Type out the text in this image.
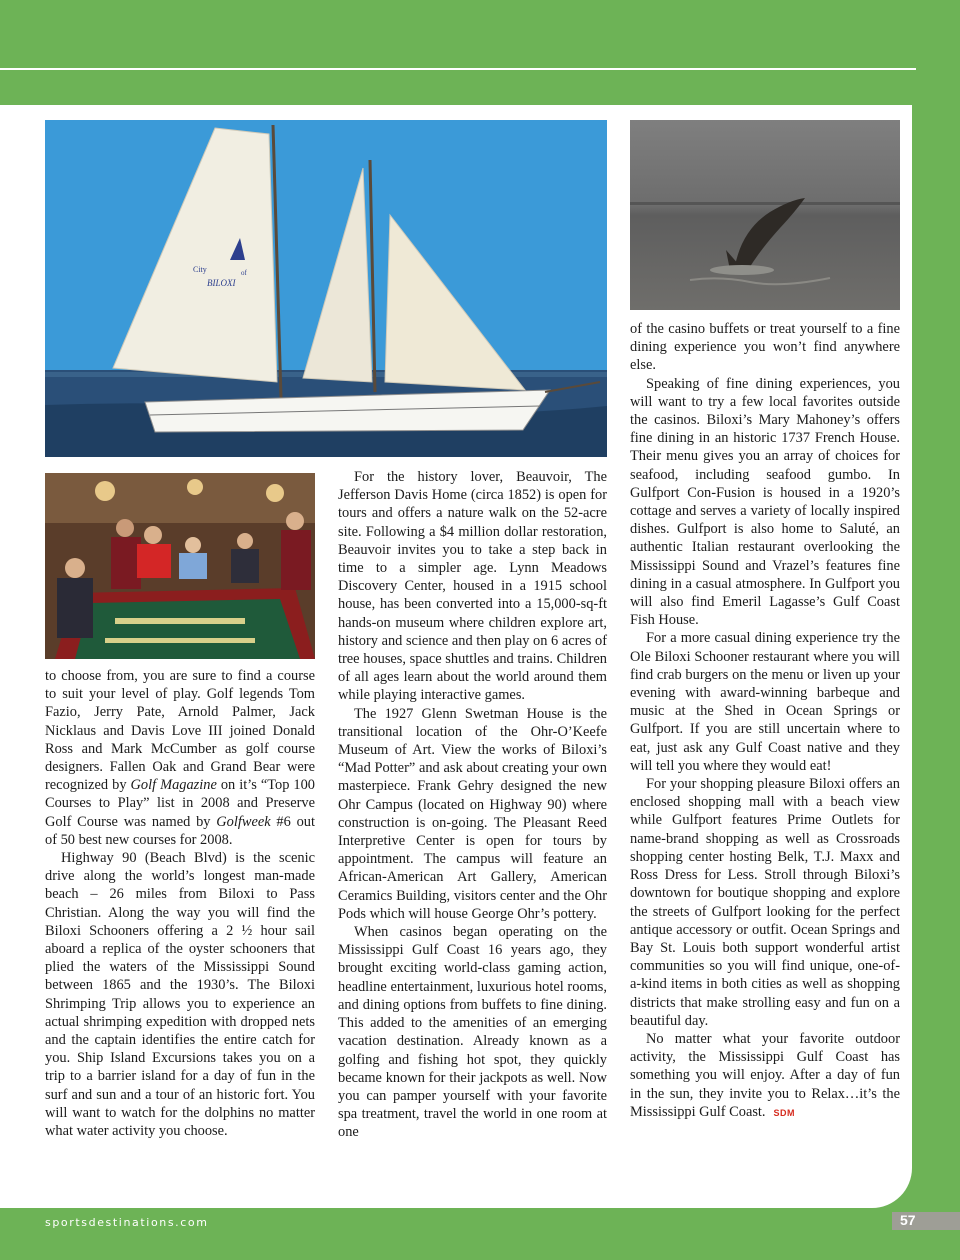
City	of
BILOXI

to choose from, you are sure to find a course to suit your level of play. Golf legends Tom Fazio, Jerry Pate, Arnold Palmer, Jack Nicklaus and Davis Love III joined Donald Ross and Mark McCumber as golf course designers. Fallen Oak and Grand Bear were recognized by Golf Magazine on it’s “Top 100 Courses to Play” list in 2008 and Preserve Golf Course was named by Golfweek #6 out of 50 best new courses for 2008.

Highway 90 (Beach Blvd) is the scenic drive along the world’s longest man-made beach – 26 miles from Biloxi to Pass Christian. Along the way you will find the Biloxi Schooners offering a 2 ½ hour sail aboard a replica of the oyster schooners that plied the waters of the Mississippi Sound between 1865 and the 1930’s. The Biloxi Shrimping Trip allows you to experience an actual shrimping expedition with dropped nets and the captain identifies the entire catch for you. Ship Island Excursions takes you on a trip to a barrier island for a day of fun in the surf and sun and a tour of an historic fort. You will want to watch for the dolphins no matter what water activity you choose.

For the history lover, Beauvoir, The Jefferson Davis Home (circa 1852) is open for tours and offers a nature walk on the 52-acre site. Following a $4 million dollar restoration, Beauvoir invites you to take a step back in time to a simpler age. Lynn Meadows Discovery Center, housed in a 1915 school house, has been converted into a 15,000-sq-ft hands-on museum where children explore art, history and science and then play on 6 acres of tree houses, space shuttles and trains. Children of all ages learn about the world around them while playing interactive games.

The 1927 Glenn Swetman House is the transitional location of the Ohr-O’Keefe Museum of Art. View the works of Biloxi’s “Mad Potter” and ask about creating your own masterpiece. Frank Gehry designed the new Ohr Campus (located on Highway 90) where construction is on-going. The Pleasant Reed Interpretive Center is open for tours by appointment. The campus will feature an African-American Art Gallery, American Ceramics Building, visitors center and the Ohr Pods which will house George Ohr’s pottery.

When casinos began operating on the Mississippi Gulf Coast 16 years ago, they brought exciting world-class gaming action, headline entertainment, luxurious hotel rooms, and dining options from buffets to fine dining. This added to the amenities of an emerging vacation destination. Already known as a golfing and fishing hot spot, they quickly became known for their jackpots as well. Now you can pamper yourself with your favorite spa treatment, travel the world in one room at one

of the casino buffets or treat yourself to a fine dining experience you won’t find anywhere else.

Speaking of fine dining experiences, you will want to try a few local favorites outside the casinos. Biloxi’s Mary Mahoney’s offers fine dining in an historic 1737 French House. Their menu gives you an array of choices for seafood, including seafood gumbo. In Gulfport Con-Fusion is housed in a 1920’s cottage and serves a variety of locally inspired dishes. Gulfport is also home to Saluté, an authentic Italian restaurant overlooking the Mississippi Sound and Vrazel’s features fine dining in a casual atmosphere. In Gulfport you will also find Emeril Lagasse’s Gulf Coast Fish House.

For a more casual dining experience try the Ole Biloxi Schooner restaurant where you will find crab burgers on the menu or liven up your evening with award-winning barbeque and music at the Shed in Ocean Springs or Gulfport. If you are still uncertain where to eat, just ask any Gulf Coast native and they will tell you where they would eat!

For your shopping pleasure Biloxi offers an enclosed shopping mall with a beach view while Gulfport features Prime Outlets for name-brand shopping as well as Crossroads shopping center hosting Belk, T.J. Maxx and Ross Dress for Less. Stroll through Biloxi’s downtown for boutique shopping and explore the streets of Gulfport looking for the perfect antique accessory or outfit. Ocean Springs and Bay St. Louis both support wonderful artist communities so you will find unique, one-of-a-kind items in both cities as well as shopping districts that make strolling easy and fun on a beautiful day.

No matter what your favorite outdoor activity, the Mississippi Gulf Coast has something you will enjoy. After a day of fun in the sun, they invite you to Relax…it’s the Mississippi Gulf Coast. SDM

sportsdestinations.com	57
